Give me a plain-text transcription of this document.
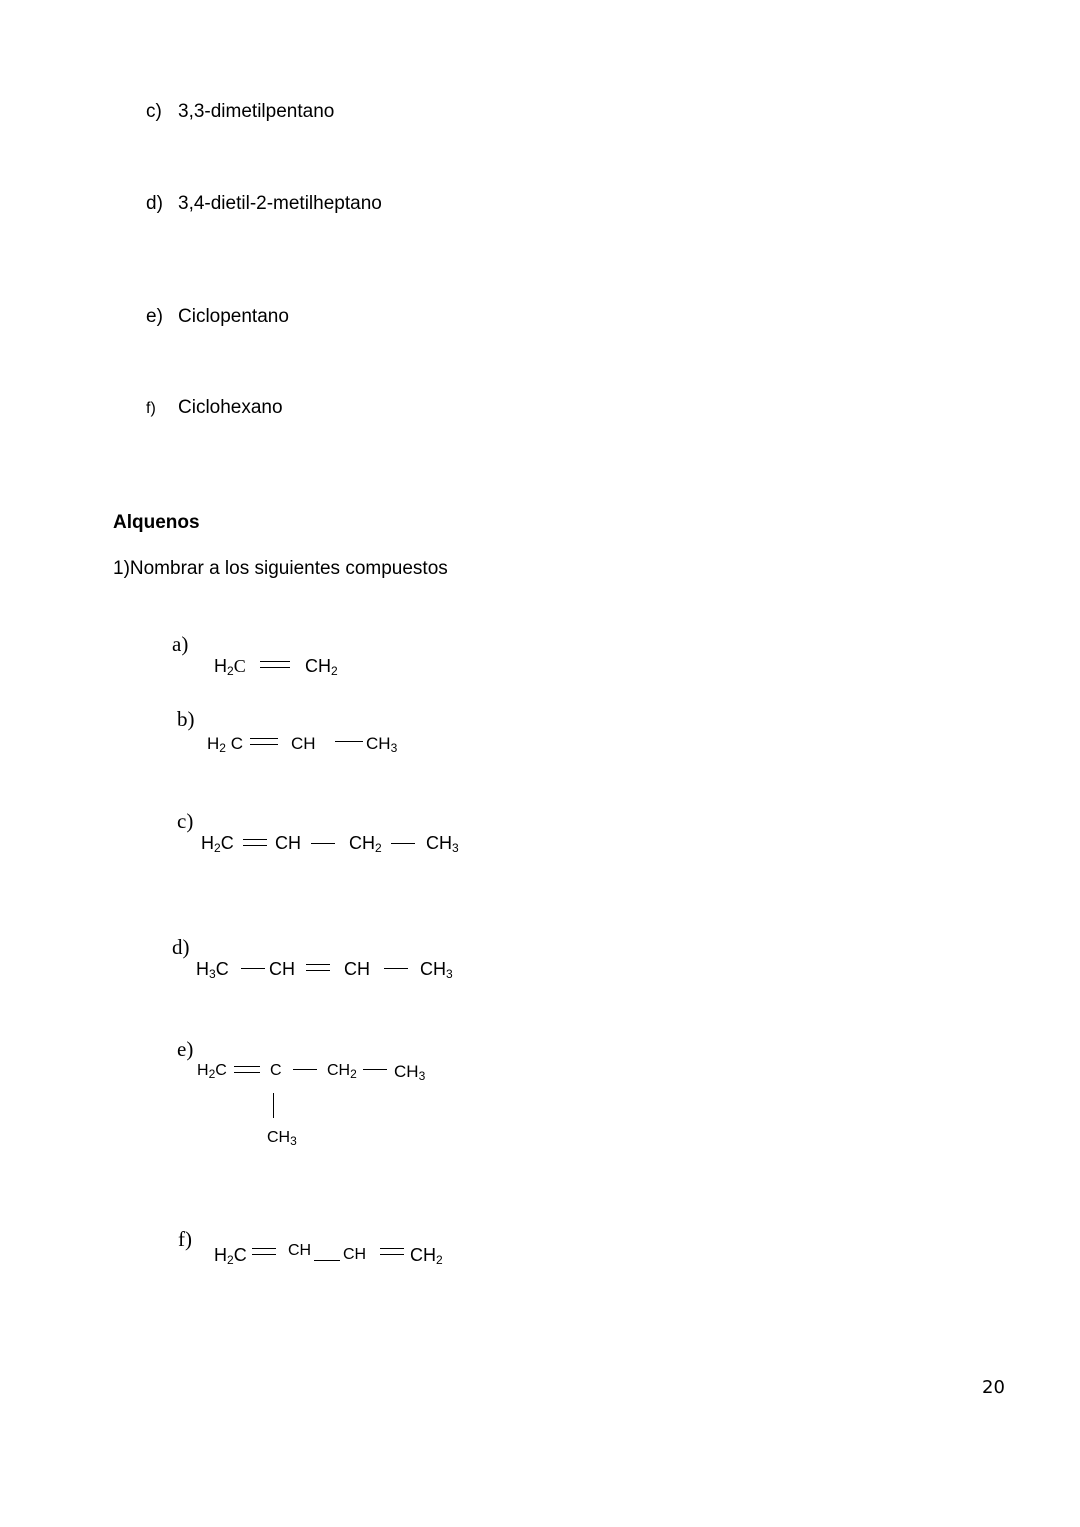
c) 3,3-dimetilpentano
d) 3,4-dietil-2-metilheptano
e) Ciclopentano
f) Ciclohexano
Alquenos
1)Nombrar a los siguientes compuestos
a)
$H_2C$	$CH_2$
b)
$H_2$ C	CH	$CH_3$
c)
$H_2C$ CH	$CH_2$ $CH_3$
d)
$H_3C$ CH	CH	$CH_3$
e)
$H_2C$	C	$CH_2$ $CH_3$
$CH_3$
f)
$H_2C$	CH CH $CH_2$
20
